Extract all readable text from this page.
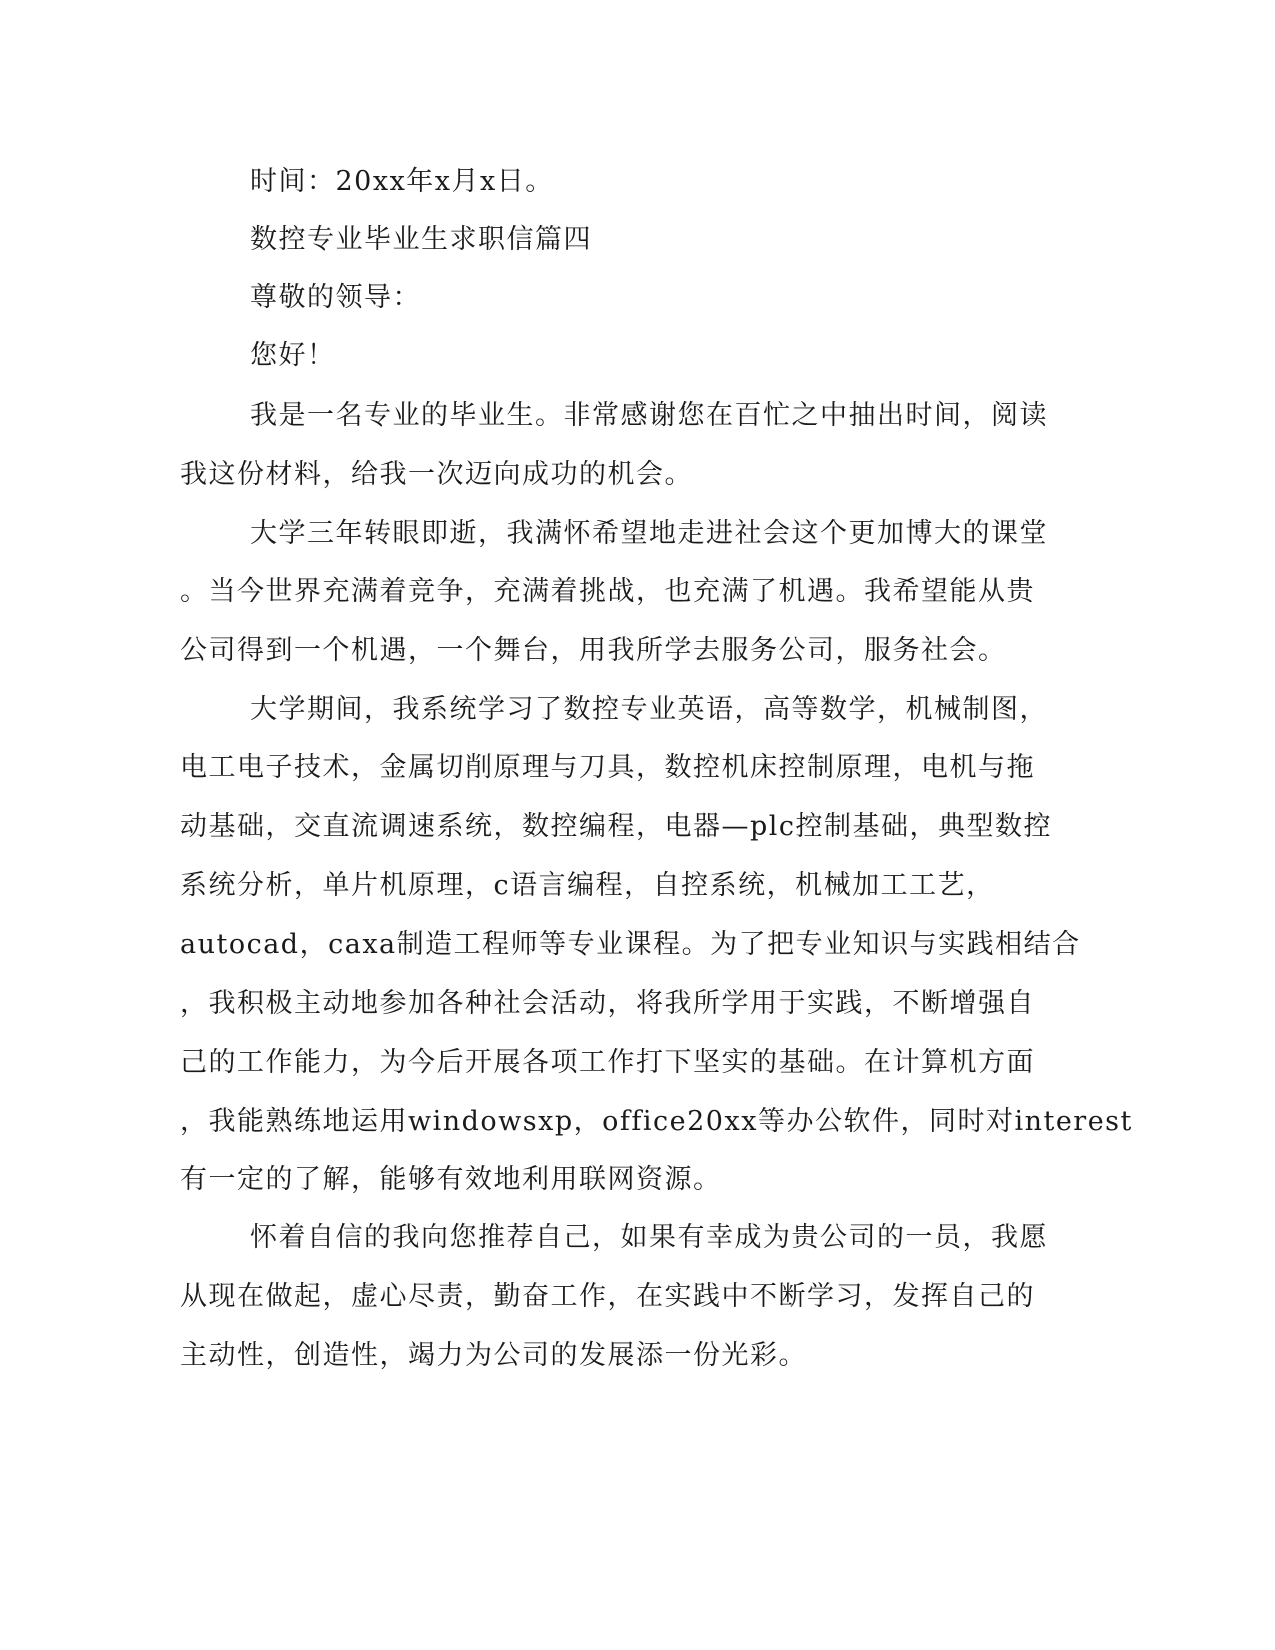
时间：20xx年x月x日。
数控专业毕业生求职信篇四
尊敬的领导：
您好！
我是一名专业的毕业生。非常感谢您在百忙之中抽出时间，阅读
我这份材料，给我一次迈向成功的机会。
大学三年转眼即逝，我满怀希望地走进社会这个更加博大的课堂
。当今世界充满着竞争，充满着挑战，也充满了机遇。我希望能从贵
公司得到一个机遇，一个舞台，用我所学去服务公司，服务社会。
大学期间，我系统学习了数控专业英语，高等数学，机械制图，
电工电子技术，金属切削原理与刀具，数控机床控制原理，电机与拖
动基础，交直流调速系统，数控编程，电器—plc控制基础，典型数控
系统分析，单片机原理，c语言编程，自控系统，机械加工工艺，
autocad，caxa制造工程师等专业课程。为了把专业知识与实践相结合
，我积极主动地参加各种社会活动，将我所学用于实践，不断增强自
己的工作能力，为今后开展各项工作打下坚实的基础。在计算机方面
，我能熟练地运用windowsxp，office20xx等办公软件，同时对interest
有一定的了解，能够有效地利用联网资源。
怀着自信的我向您推荐自己，如果有幸成为贵公司的一员，我愿
从现在做起，虚心尽责，勤奋工作，在实践中不断学习，发挥自己的
主动性，创造性，竭力为公司的发展添一份光彩。
